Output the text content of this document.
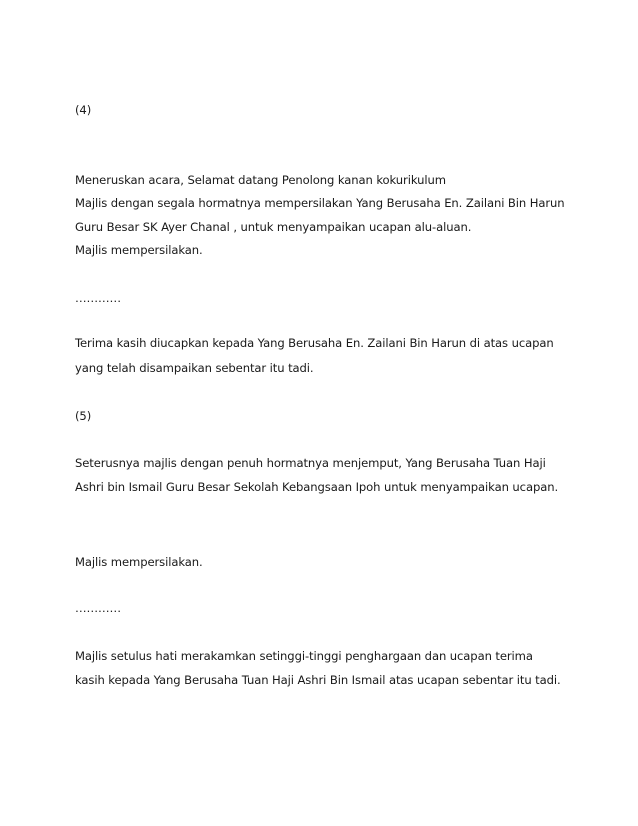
(4)
Meneruskan acara, Selamat datang Penolong kanan kokurikulum
Majlis dengan segala hormatnya mempersilakan Yang Berusaha En. Zailani Bin Harun
Guru Besar SK Ayer Chanal , untuk menyampaikan ucapan alu-aluan.
Majlis mempersilakan.
…………
Terima kasih diucapkan kepada Yang Berusaha En. Zailani Bin Harun di atas ucapan
yang telah disampaikan sebentar itu tadi.
(5)
Seterusnya majlis dengan penuh hormatnya menjemput, Yang Berusaha Tuan Haji
Ashri bin Ismail Guru Besar Sekolah Kebangsaan Ipoh untuk menyampaikan ucapan.
Majlis mempersilakan.
…………
Majlis setulus hati merakamkan setinggi-tinggi penghargaan dan ucapan terima
kasih kepada Yang Berusaha Tuan Haji Ashri Bin Ismail atas ucapan sebentar itu tadi.
